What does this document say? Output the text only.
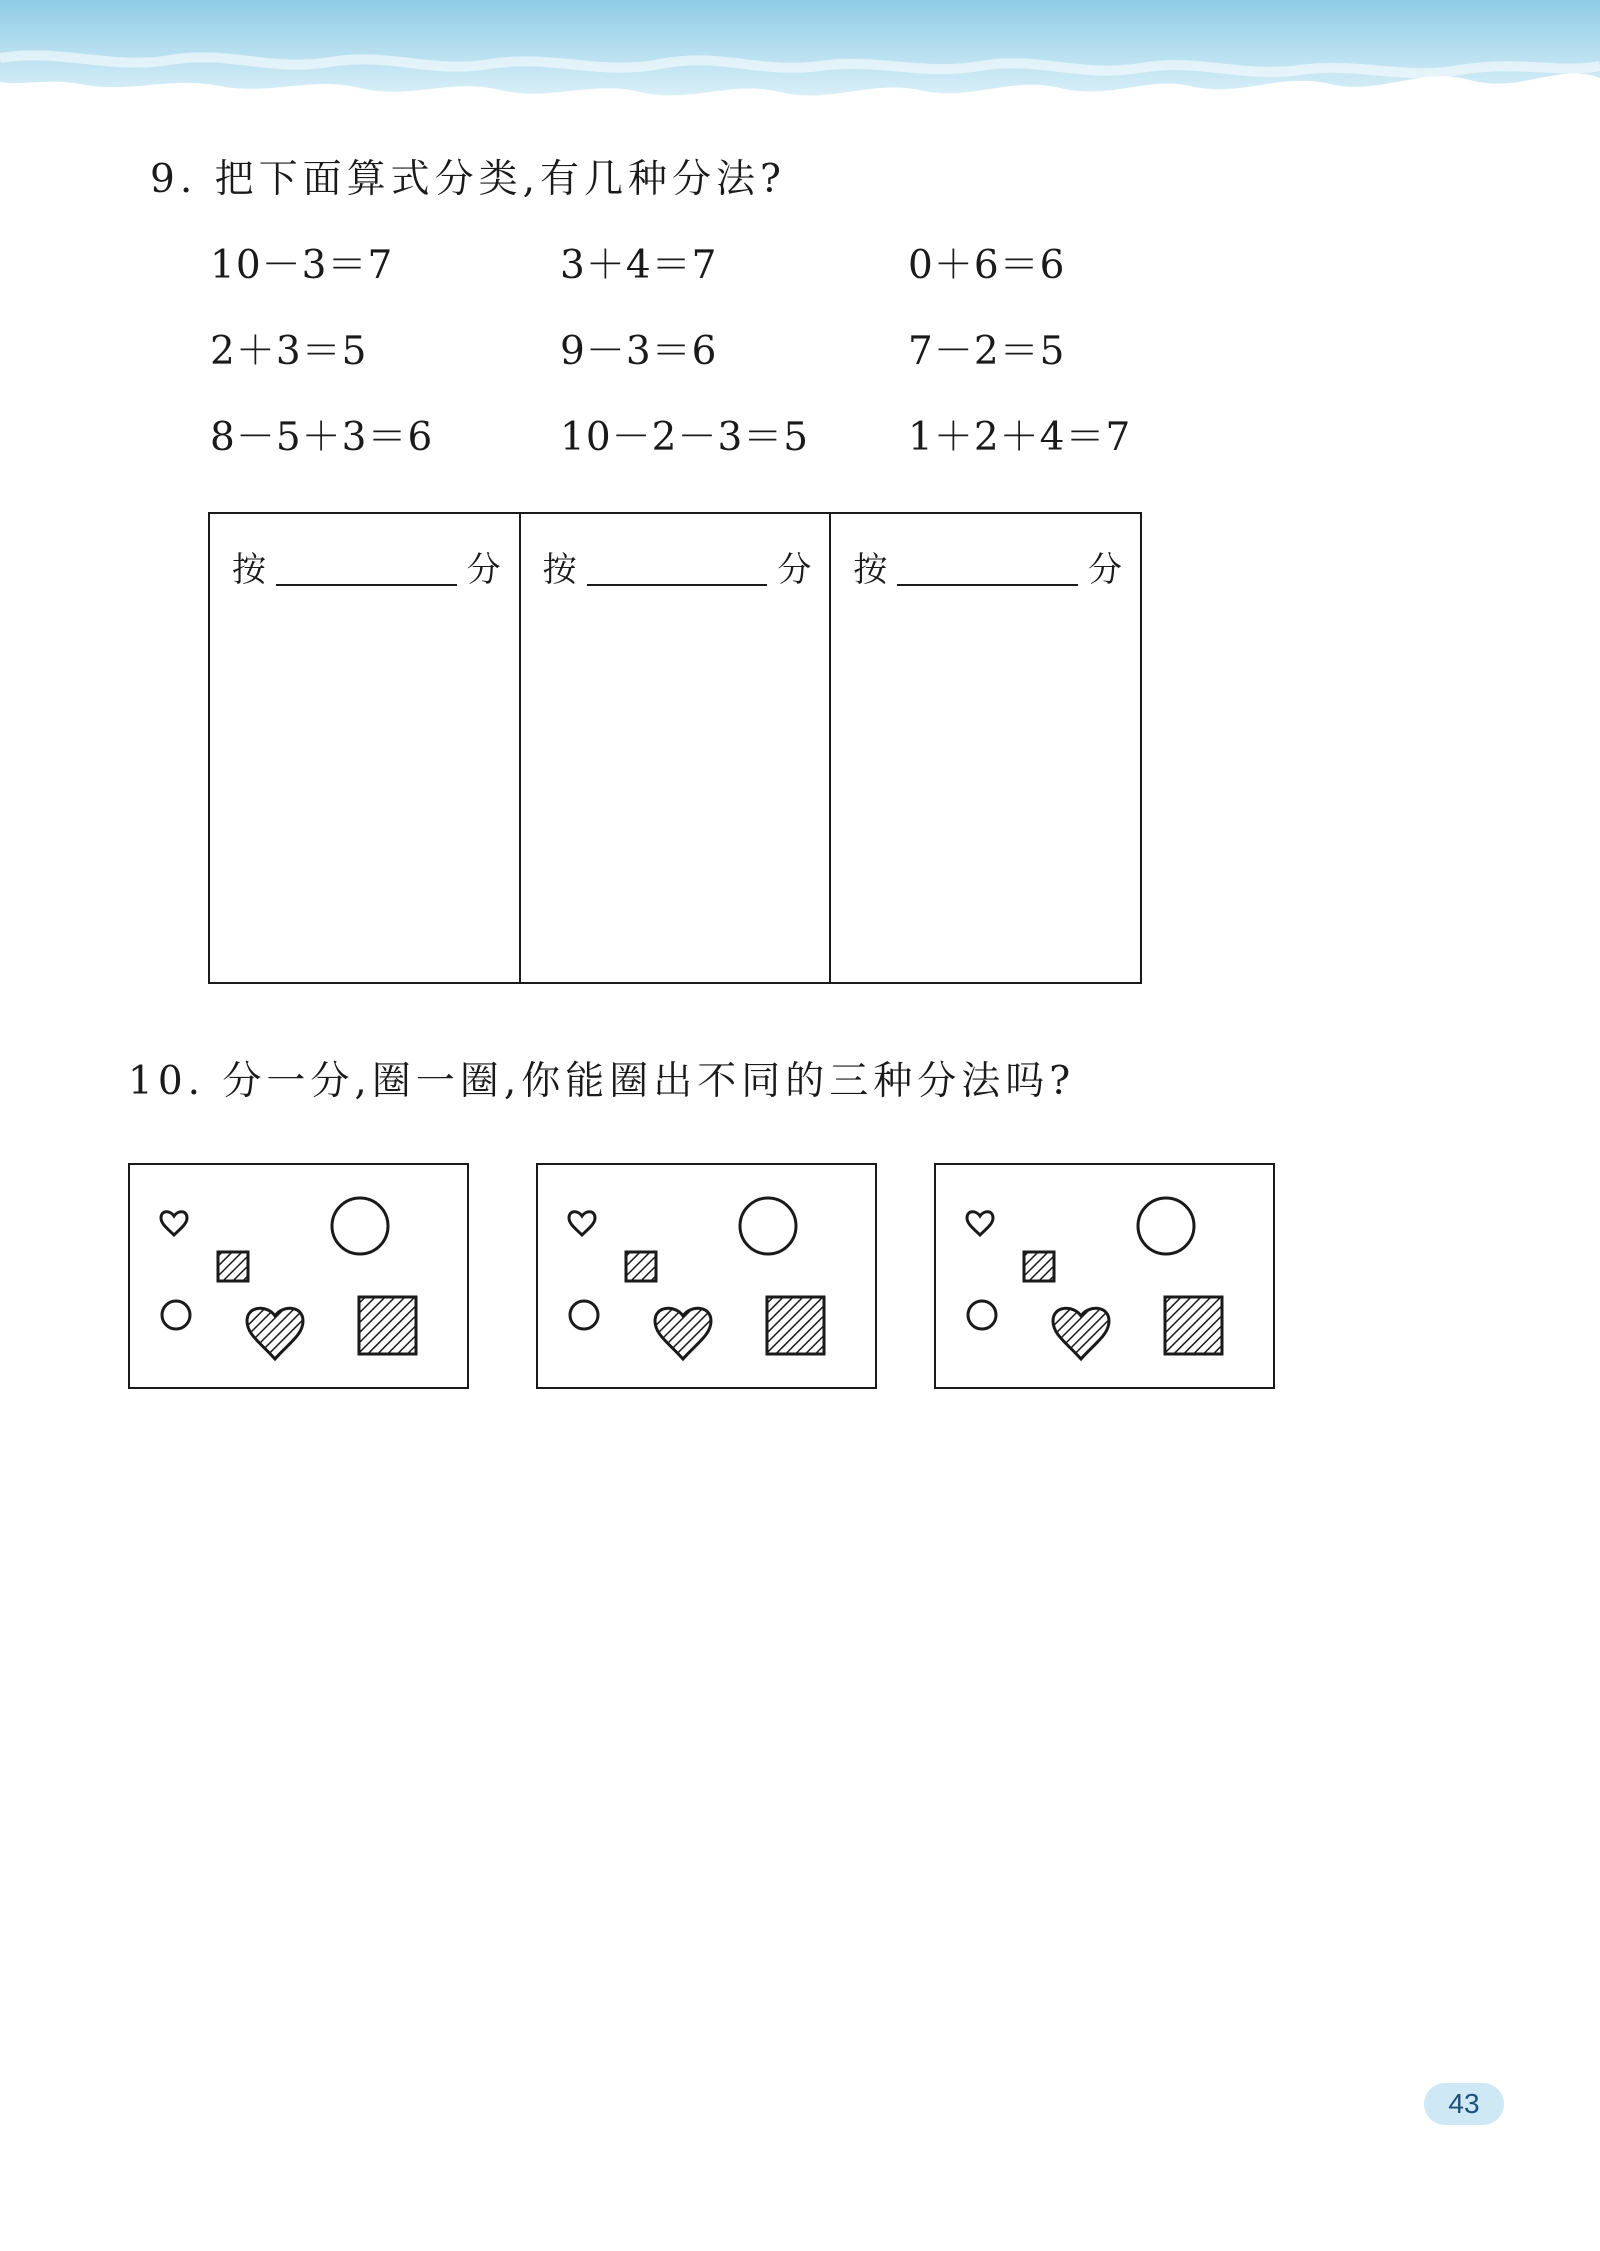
9. 把下面算式分类,有几种分法?
10－3＝7	3＋4＝7	0＋6＝6
2＋3＝5	9－3＝6	7－2＝5
8－5＋3＝6	10－2－3＝5	1＋2＋4＝7
按	分 按	分 按	分
10. 分一分,圈一圈,你能圈出不同的三种分法吗?
43
